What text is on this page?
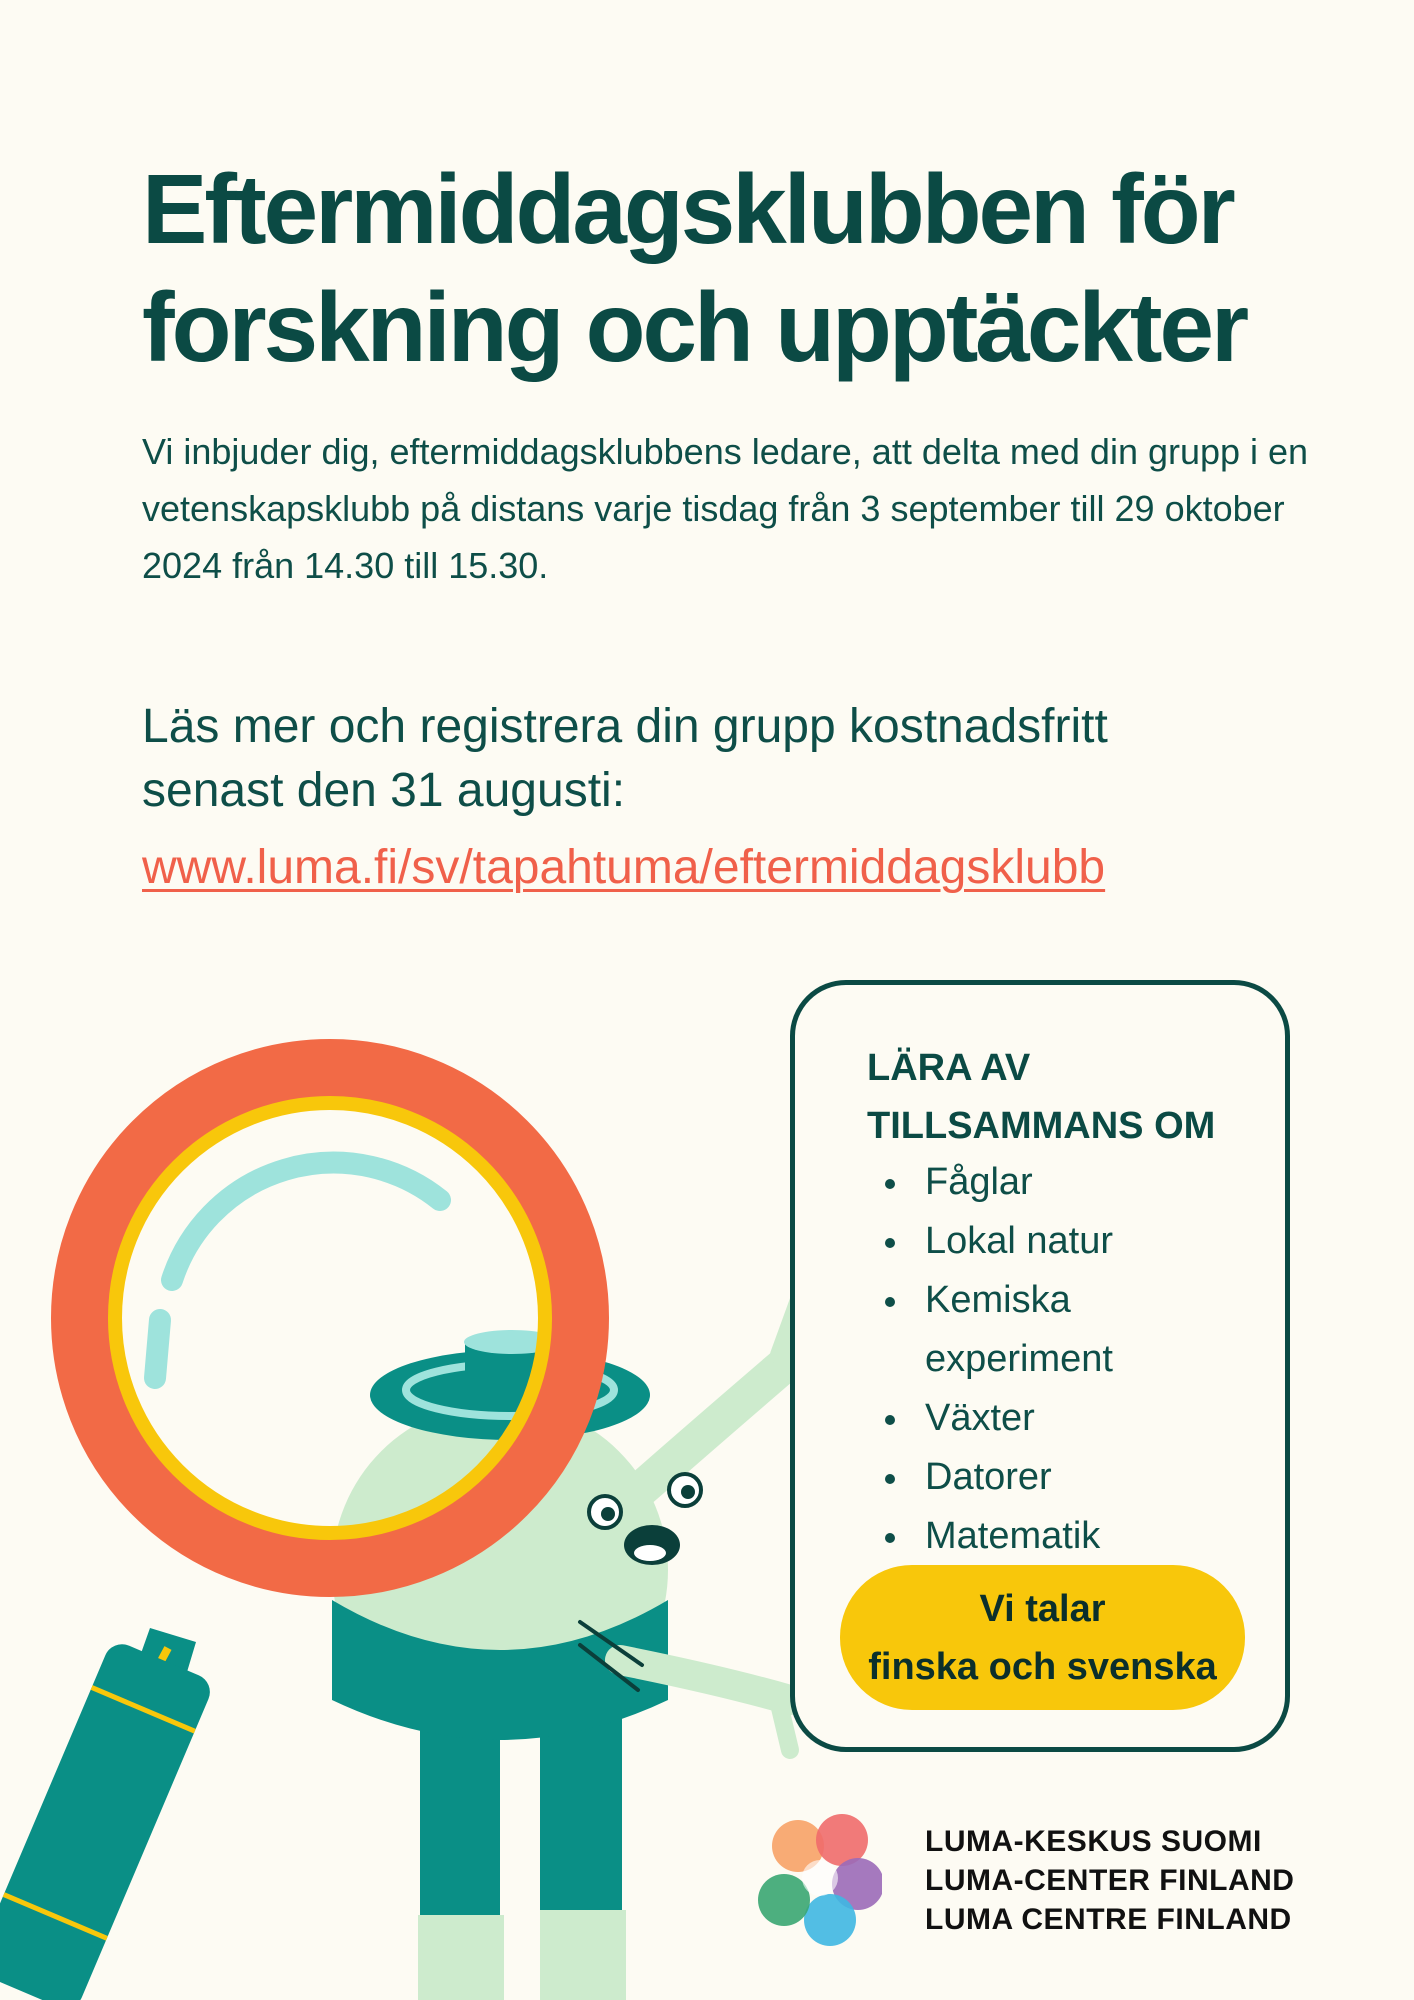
Eftermiddagsklubben för
forskning och upptäckter

Vi inbjuder dig, eftermiddagsklubbens ledare, att delta med din grupp i en vetenskapsklubb på distans varje tisdag från 3 september till 29 oktober 2024 från 14.30 till 15.30.

Läs mer och registrera din grupp kostnadsfritt
senast den 31 augusti:

www.luma.fi/sv/tapahtuma/eftermiddagsklubb
LÄRA AV
TILLSAMMANS OM
Fåglar
Lokal natur
Kemiska experiment
Växter
Datorer
Matematik
Vi talar
finska och svenska
LUMA-KESKUS SUOMI
LUMA-CENTER FINLAND
LUMA CENTRE FINLAND
